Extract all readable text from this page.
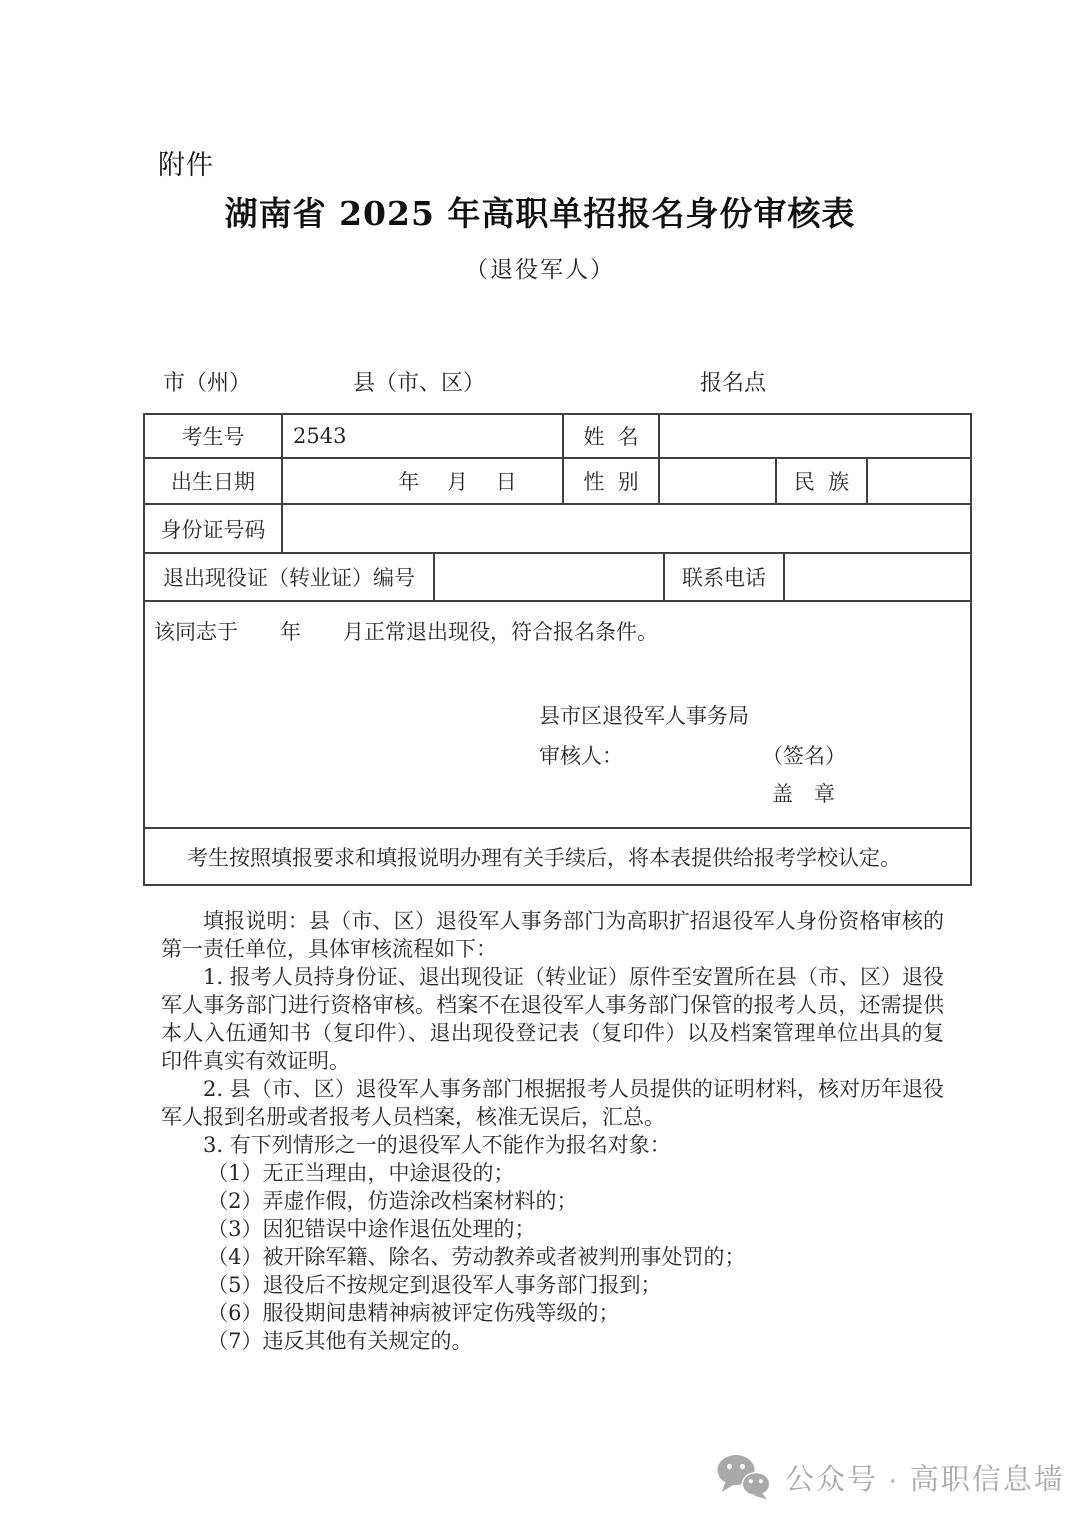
附件
湖南省 2025 年高职单招报名身份审核表
（退役军人）
市（州）	县（市、区）	报名点
考生号 2543	姓  名
出生日期	年　 月　 日	性  别	民  族
身份证号码
退出现役证（转业证）编号	联系电话
该同志于　　年　　月正常退出现役，符合报名条件。
县市区退役军人事务局
审核人：	（签名）
盖　章
考生按照填报要求和填报说明办理有关手续后，将本表提供给报考学校认定。

填报说明：县（市、区）退役军人事务部门为高职扩招退役军人身份资格审核的第一责任单位，具体审核流程如下：

1. 报考人员持身份证、退出现役证（转业证）原件至安置所在县（市、区）退役军人事务部门进行资格审核。档案不在退役军人事务部门保管的报考人员，还需提供本人入伍通知书（复印件）、退出现役登记表（复印件）以及档案管理单位出具的复印件真实有效证明。

2. 县（市、区）退役军人事务部门根据报考人员提供的证明材料，核对历年退役军人报到名册或者报考人员档案，核准无误后，汇总。

3. 有下列情形之一的退役军人不能作为报名对象：

（1）无正当理由，中途退役的；

（2）弄虚作假，仿造涂改档案材料的；

（3）因犯错误中途作退伍处理的；

（4）被开除军籍、除名、劳动教养或者被判刑事处罚的；

（5）退役后不按规定到退役军人事务部门报到；

（6）服役期间患精神病被评定伤残等级的；

（7）违反其他有关规定的。

公众号 · 高职信息墙
